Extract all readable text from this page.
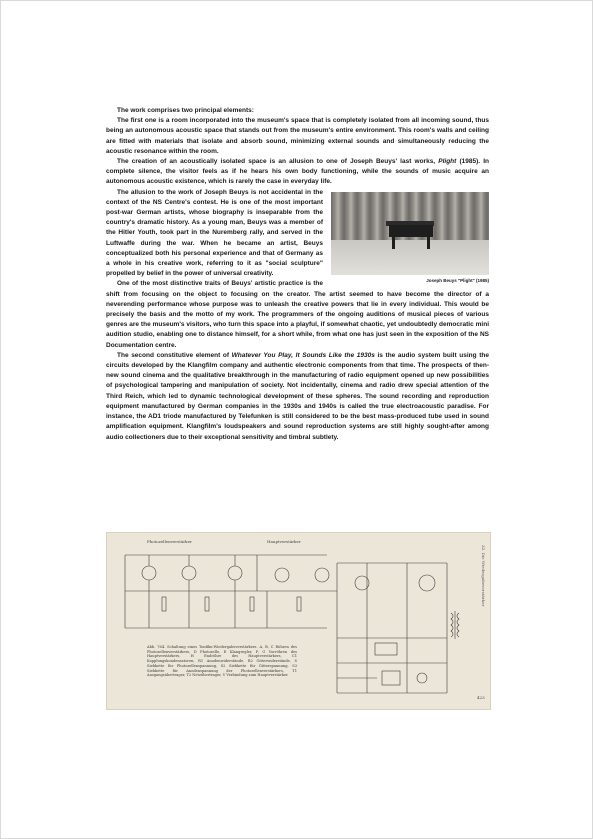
The work comprises two principal elements:

The first one is a room incorporated into the museum's space that is completely isolated from all incoming sound, thus being an autonomous acoustic space that stands out from the museum's entire environment. This room's walls and ceiling are fitted with materials that isolate and absorb sound, minimizing external sounds and simultaneously reducing the acoustic resonance within the room.

The creation of an acoustically isolated space is an allusion to one of Joseph Beuys' last works, Plight (1985). In complete silence, the visitor feels as if he hears his own body functioning, while the sounds of music acquire an autonomous acoustic existence, which is rarely the case in everyday life.

Joseph Beuys "Plight" (1985)

The allusion to the work of Joseph Beuys is not accidental in the context of the NS Centre's contest. He is one of the most important post-war German artists, whose biography is inseparable from the country's dramatic history. As a young man, Beuys was a member of the Hitler Youth, took part in the Nuremberg rally, and served in the Luftwaffe during the war. When he became an artist, Beuys conceptualized both his personal experience and that of Germany as a whole in his creative work, referring to it as "social sculpture" propelled by belief in the power of universal creativity.

One of the most distinctive traits of Beuys' artistic practice is the shift from focusing on the object to focusing on the creator. The artist seemed to have become the director of a neverending performance whose purpose was to unleash the creative powers that lie in every individual. This would be precisely the basis and the motto of my work. The programmers of the ongoing auditions of musical pieces of various genres are the museum's visitors, who turn this space into a playful, if somewhat chaotic, yet undoubtedly democratic mini audition studio, enabling one to distance himself, for a short while, from what one has just seen in the exposition of the NS Documentation centre.

The second constitutive element of Whatever You Play, It Sounds Like the 1930s is the audio system built using the circuits developed by the Klangfilm company and authentic electronic components from that time. The prospects of then-new sound cinema and the qualitative breakthrough in the manufacturing of radio equipment opened up new possibilities of psychological tampering and manipulation of society. Not incidentally, cinema and radio drew special attention of the Third Reich, which led to dynamic technological development of these spheres. The sound recording and reproduction equipment manufactured by German companies in the 1930s and 1940s is called the true electroacoustic paradise. For instance, the AD1 triode manufactured by Telefunken is still considered to be the best mass-produced tube used in sound amplification equipment. Klangfilm's loudspeakers and sound reproduction systems are still highly sought-after among audio collectioners due to their exceptional sensitivity and timbral subtlety.

Photozellenverstärker	Hauptverstärker
Abb. 764. Schaltung eines Tonfilm-Wiedergabeverstärkers. A, B, C Röhren des Photozellenverstärkers, D Photozelle, E Klangregler, F, G Vorröhren des Hauptverstärkers, H Endröhre des Hauptverstärkers, C1 Kopplungskondensatoren, R1 Anodenwiderstände, R2 Gitterwiderstände, S Siebkette für Photozellenspannung, S2 Siebkette für Gitterspannung, S3 Siebkette für Anodenspannung der Photozellenverstärkers, T1 Ausgangsübertrager, T2 Netzübertrager, V Verbindung zum Hauptverstärker.
32. Die Wiedergabeverstärker
423
